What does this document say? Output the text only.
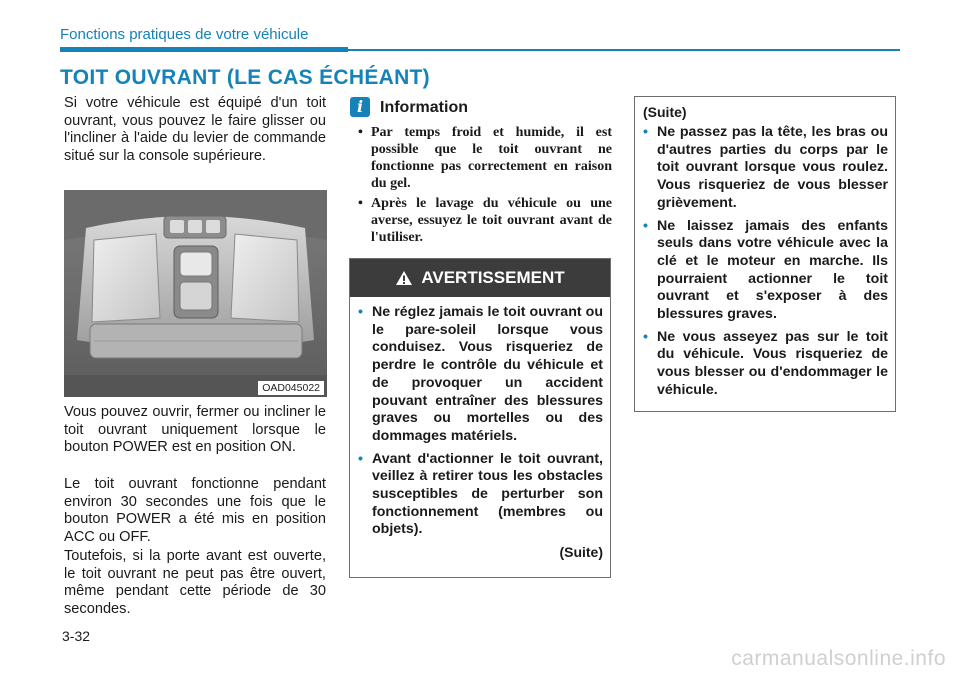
Fonctions pratiques de votre véhicule
TOIT OUVRANT (LE CAS ÉCHÉANT)
Si votre véhicule est équipé d'un toit ouvrant, vous pouvez le faire glisser ou l'incliner à l'aide du levier de commande situé sur la console supérieure.
OAD045022
Vous pouvez ouvrir, fermer ou incliner le toit ouvrant uniquement lorsque le bouton POWER est en position ON.
Le toit ouvrant fonctionne pendant environ 30 secondes une fois que le bouton POWER a été mis en position ACC ou OFF.
Toutefois, si la porte avant est ouverte, le toit ouvrant ne peut pas être ouvert, même pendant cette période de 30 secondes.
i	Information
• Par temps froid et humide, il est possible que le toit ouvrant ne fonctionne pas correctement en raison du gel.
• Après le lavage du véhicule ou une averse, essuyez le toit ouvrant avant de l'utiliser.
AVERTISSEMENT
• Ne réglez jamais le toit ouvrant ou le pare-soleil lorsque vous conduisez. Vous risqueriez de perdre le contrôle du véhicule et de provoquer un accident pouvant entraîner des blessures graves ou mortelles ou des dommages matériels.
• Avant d'actionner le toit ouvrant, veillez à retirer tous les obstacles susceptibles de perturber son fonctionnement (membres ou objets).
(Suite)
(Suite)
• Ne passez pas la tête, les bras ou d'autres parties du corps par le toit ouvrant lorsque vous roulez. Vous risqueriez de vous blesser grièvement.
• Ne laissez jamais des enfants seuls dans votre véhicule avec la clé et le moteur en marche. Ils pourraient actionner le toit ouvrant et s'exposer à des blessures graves.
• Ne vous asseyez pas sur le toit du véhicule. Vous risqueriez de vous blesser ou d'endommager le véhicule.
3-32
carmanualsonline.info
